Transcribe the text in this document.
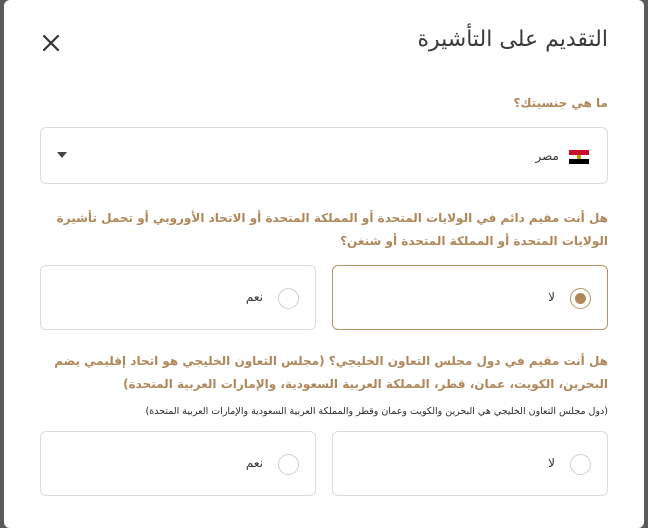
التقديم على التأشيرة
ما هي جنسيتك؟
مصر
هل أنت مقيم دائم في الولايات المتحدة أو المملكة المتحدة أو الاتحاد الأوروبي أو تحمل تأشيرة الولايات المتحدة أو المملكة المتحدة أو شنغن؟
لا
نعم
هل أنت مقيم في دول مجلس التعاون الخليجي؟ (مجلس التعاون الخليجي هو اتحاد إقليمي يضم البحرين، الكويت، عمان، قطر، المملكة العربية السعودية، والإمارات العربية المتحدة)
(دول مجلس التعاون الخليجي هي البحرين والكويت وعمان وقطر والمملكة العربية السعودية والإمارات العربية المتحدة)
لا
نعم
